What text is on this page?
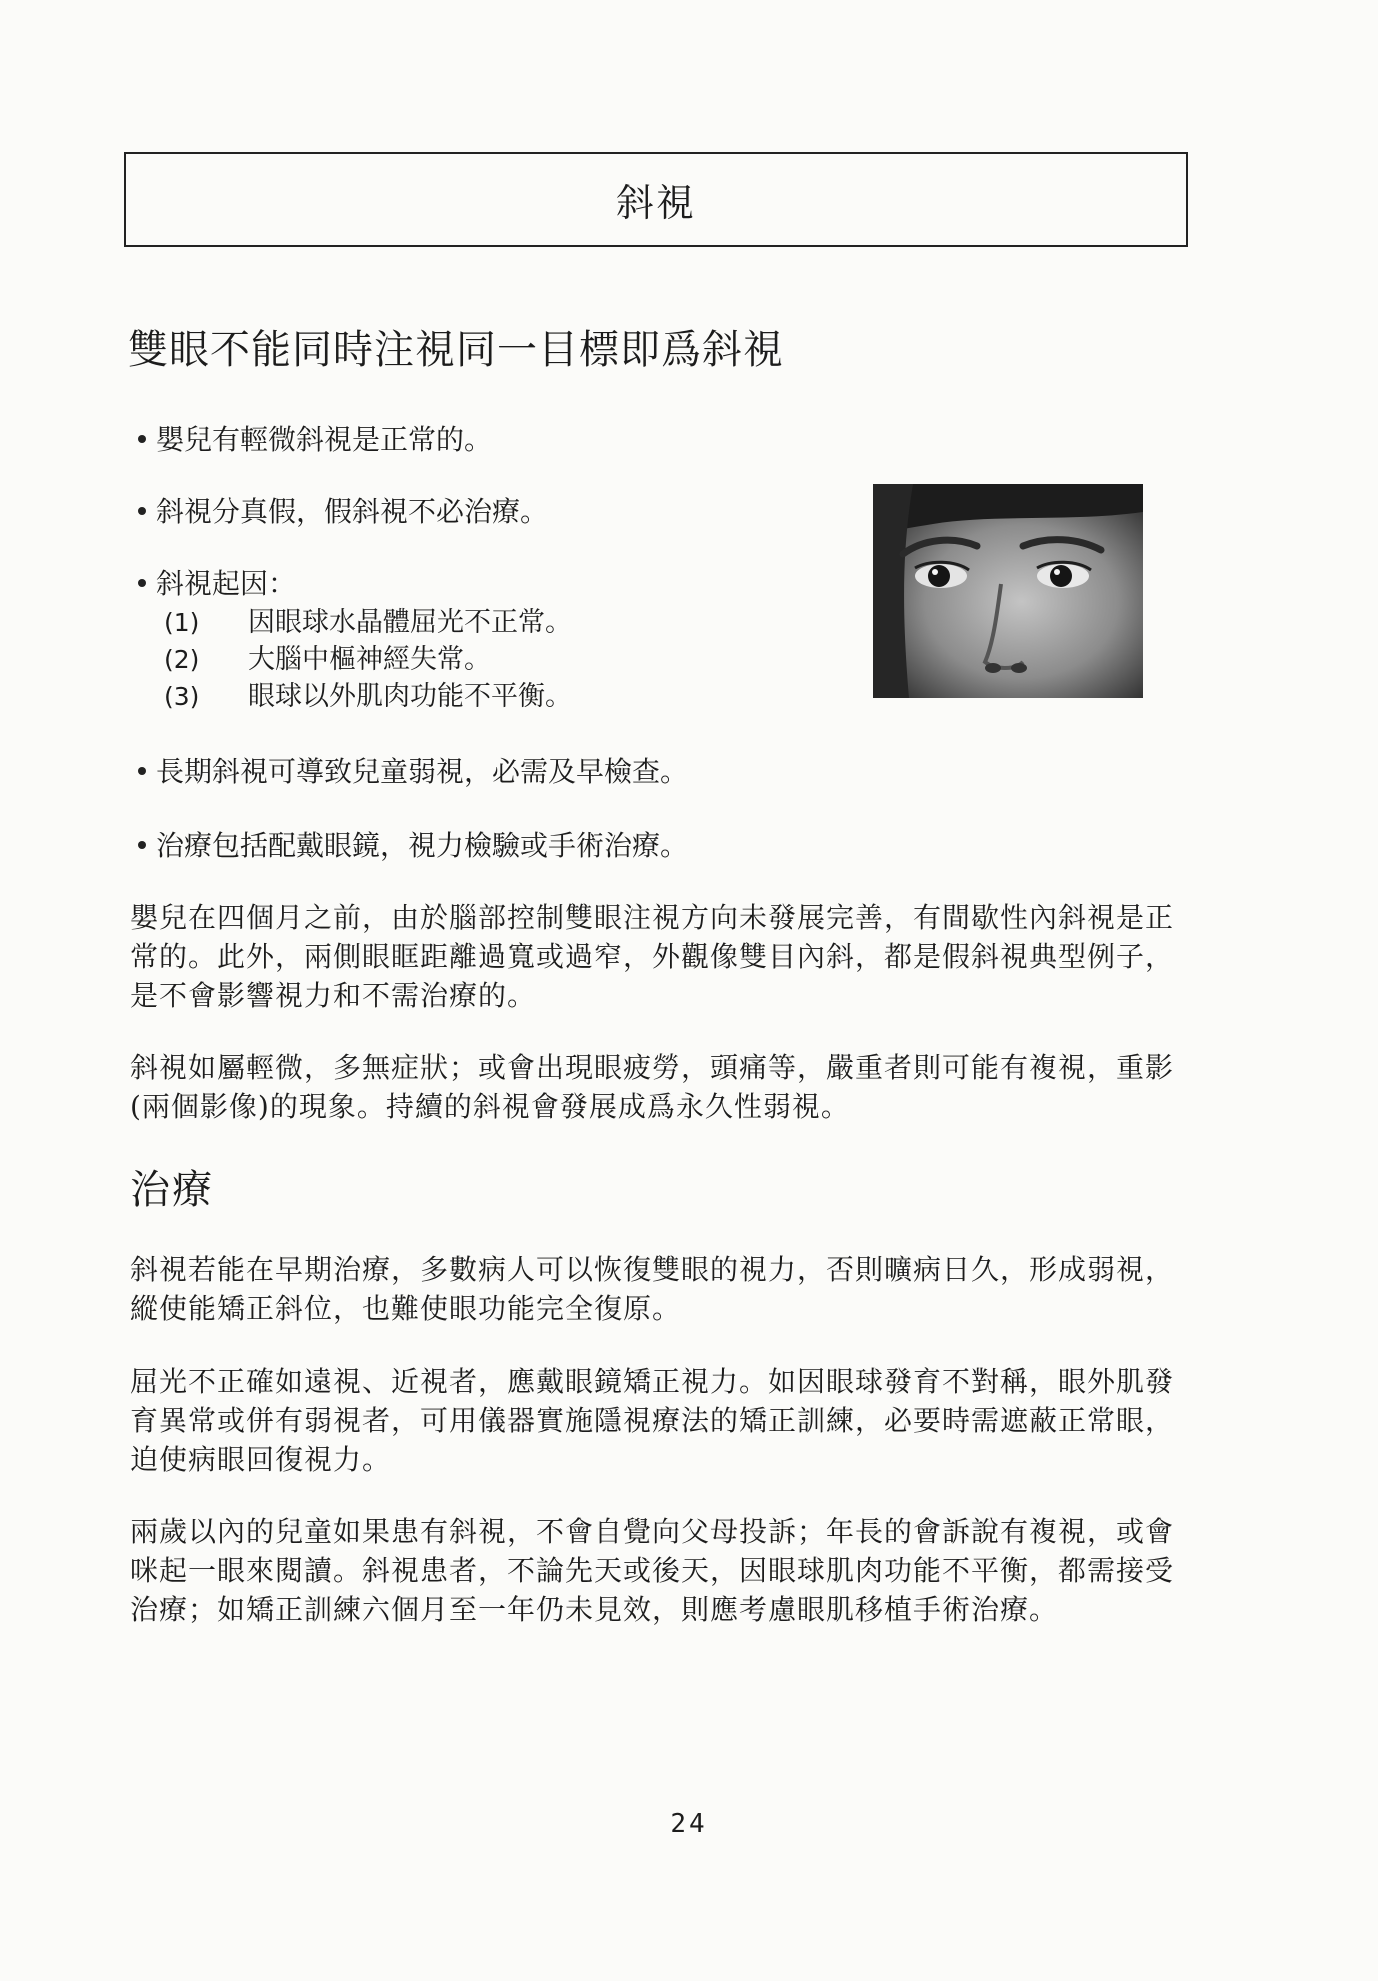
斜視
雙眼不能同時注視同一目標即爲斜視
嬰兒有輕微斜視是正常的。
斜視分真假，假斜視不必治療。
斜視起因：
(1) 因眼球水晶體屈光不正常。
(2) 大腦中樞神經失常。
(3) 眼球以外肌肉功能不平衡。
長期斜視可導致兒童弱視，必需及早檢查。
治療包括配戴眼鏡，視力檢驗或手術治療。

嬰兒在四個月之前，由於腦部控制雙眼注視方向未發展完善，有間歇性內斜視是正常的。此外，兩側眼眶距離過寬或過窄，外觀像雙目內斜，都是假斜視典型例子，是不會影響視力和不需治療的。

斜視如屬輕微，多無症狀；或會出現眼疲勞，頭痛等，嚴重者則可能有複視，重影(兩個影像)的現象。持續的斜視會發展成爲永久性弱視。

治療

斜視若能在早期治療，多數病人可以恢復雙眼的視力，否則曠病日久，形成弱視，縱使能矯正斜位，也難使眼功能完全復原。

屈光不正確如遠視、近視者，應戴眼鏡矯正視力。如因眼球發育不對稱，眼外肌發育異常或併有弱視者，可用儀器實施隱視療法的矯正訓練，必要時需遮蔽正常眼，迫使病眼回復視力。

兩歲以內的兒童如果患有斜視，不會自覺向父母投訴；年長的會訴說有複視，或會咪起一眼來閱讀。斜視患者，不論先天或後天，因眼球肌肉功能不平衡，都需接受治療；如矯正訓練六個月至一年仍未見效，則應考慮眼肌移植手術治療。

24
